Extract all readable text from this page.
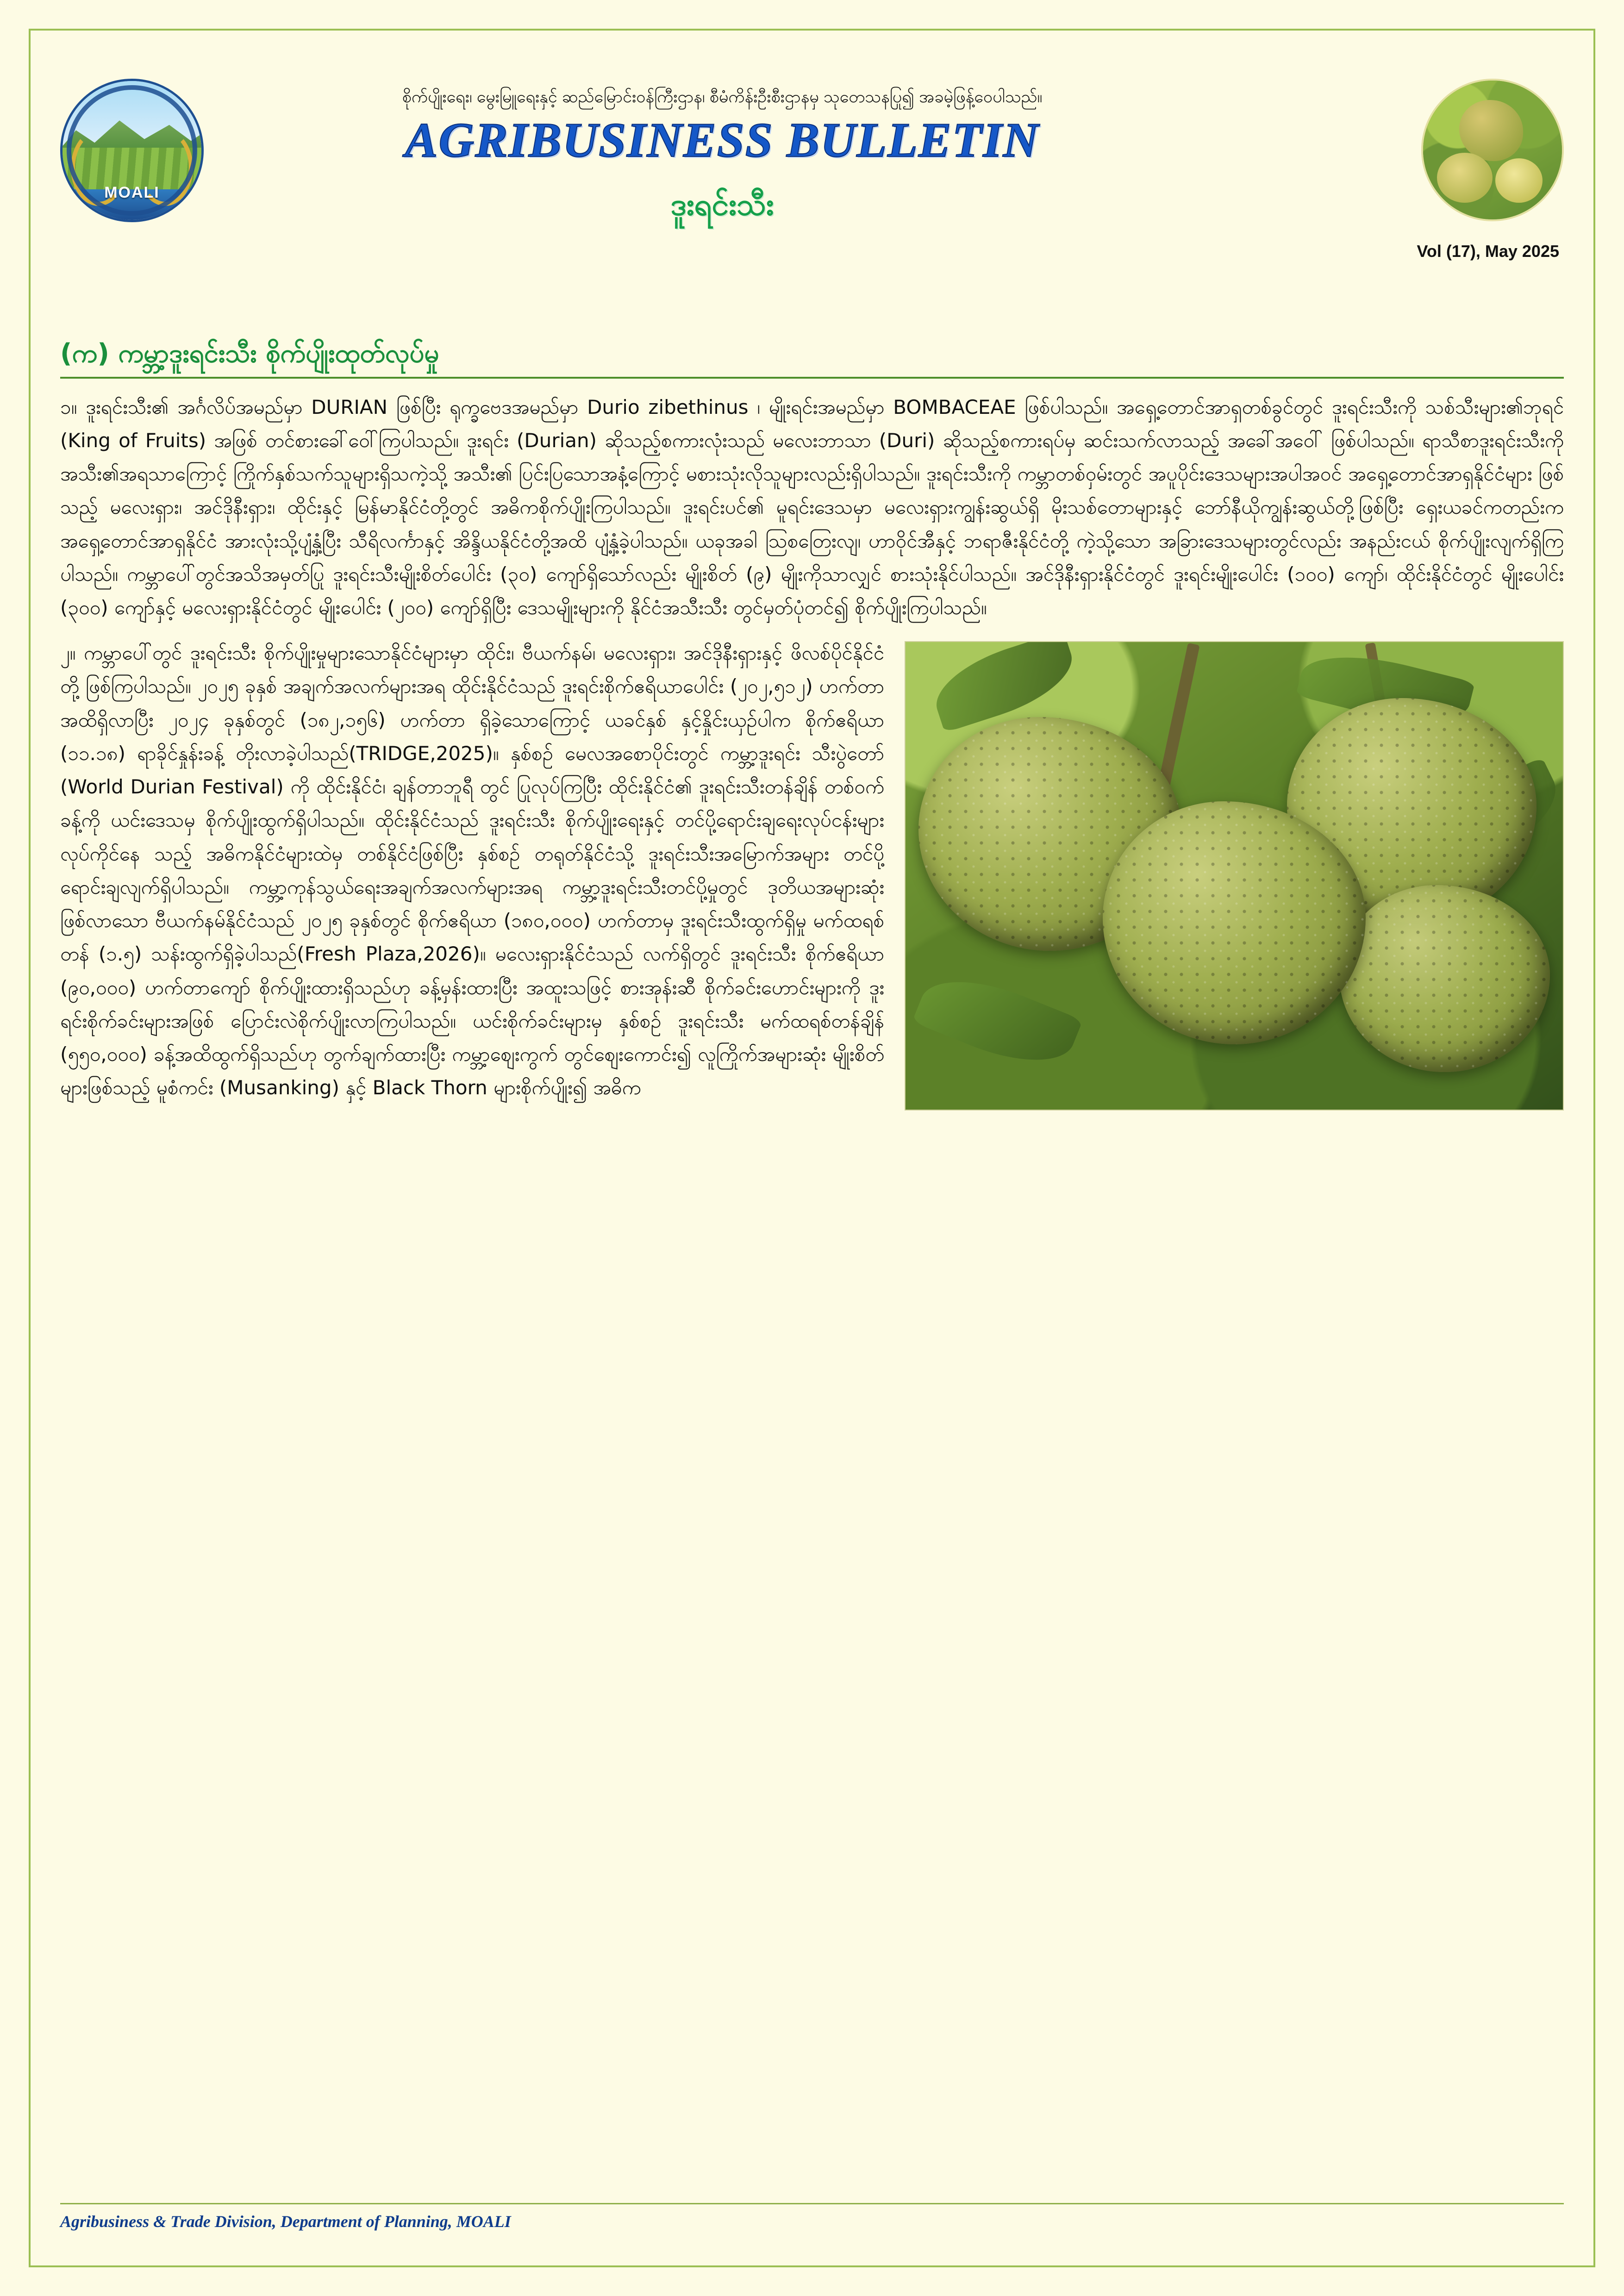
MOALI
စိုက်ပျိုးရေး၊ မွေးမြူရေးနှင့် ဆည်မြောင်းဝန်ကြီးဌာန၊ စီမံကိန်းဦးစီးဌာနမှ သုတေသနပြု၍ အခမဲ့ဖြန့်ဝေပါသည်။
AGRIBUSINESS BULLETIN
ဒူးရင်းသီး
Vol (17), May 2025
(က) ကမ္ဘာ့ဒူးရင်းသီး စိုက်ပျိုးထုတ်လုပ်မှု

၁။ ဒူးရင်းသီး၏ အင်္ဂလိပ်အမည်မှာ DURIAN ဖြစ်ပြီး ရုက္ခဗေဒအမည်မှာ Durio zibethinus ၊ မျိုးရင်းအမည်မှာ BOMBACEAE ဖြစ်ပါသည်။ အရှေ့တောင်အာရှတစ်ခွင်တွင် ဒူးရင်းသီးကို သစ်သီးများ၏ဘုရင် (King of Fruits) အဖြစ် တင်စားခေါ်ဝေါ်ကြပါသည်။ ဒူးရင်း (Durian) ဆိုသည့်စကားလုံးသည် မလေးဘာသာ (Duri) ဆိုသည့်စကားရပ်မှ ဆင်းသက်လာသည့် အခေါ်အဝေါ် ဖြစ်ပါသည်။ ရာသီစာဒူးရင်းသီးကို အသီး၏အရသာကြောင့် ကြိုက်နှစ်သက်သူများရှိသကဲ့သို့ အသီး၏ ပြင်းပြသောအနံ့ကြောင့် မစားသုံးလိုသူများလည်းရှိပါသည်။ ဒူးရင်းသီးကို ကမ္ဘာတစ်ဝှမ်းတွင် အပူပိုင်းဒေသများအပါအဝင် အရှေ့တောင်အာရှနိုင်ငံများ ဖြစ်သည့် မလေးရှား၊ အင်ဒိုနီးရှား၊ ထိုင်းနှင့် မြန်မာနိုင်ငံတို့တွင် အဓိကစိုက်ပျိုးကြပါသည်။ ဒူးရင်းပင်၏ မူရင်းဒေသမှာ မလေးရှားကျွန်းဆွယ်ရှိ မိုးသစ်တောများနှင့် ဘော်နီယိုကျွန်းဆွယ်တို့ဖြစ်ပြီး ရှေးယခင်ကတည်းက အရှေ့တောင်အာရှနိုင်ငံ အားလုံးသို့ပျံ့နှံ့ပြီး သီရိလင်္ကာနှင့် အိန္ဒိယနိုင်ငံတို့အထိ ပျံ့နှံ့ခဲ့ပါသည်။ ယခုအခါ သြစတြေးလျ၊ ဟာဝိုင်အီနှင့် ဘရာဇီးနိုင်ငံတို့ ကဲ့သို့သော အခြားဒေသများတွင်လည်း အနည်းငယ် စိုက်ပျိုးလျက်ရှိကြပါသည်။ ကမ္ဘာပေါ်တွင်အသိအမှတ်ပြု ဒူးရင်းသီးမျိုးစိတ်ပေါင်း (၃၀) ကျော်ရှိသော်လည်း မျိုးစိတ် (၉) မျိုးကိုသာလျှင် စားသုံးနိုင်ပါသည်။ အင်ဒိုနီးရှားနိုင်ငံတွင် ဒူးရင်းမျိုးပေါင်း (၁၀၀) ကျော်၊ ထိုင်းနိုင်ငံတွင် မျိုးပေါင်း (၃၀၀) ကျော်နှင့် မလေးရှားနိုင်ငံတွင် မျိုးပေါင်း (၂၀၀) ကျော်ရှိပြီး ဒေသမျိုးများကို နိုင်ငံအသီးသီး တွင်မှတ်ပုံတင်၍ စိုက်ပျိုးကြပါသည်။

၂။ ကမ္ဘာပေါ်တွင် ဒူးရင်းသီး စိုက်ပျိုးမှုများသောနိုင်ငံများမှာ ထိုင်း၊ ဗီယက်နမ်၊ မလေးရှား၊ အင်ဒိုနီးရှားနှင့် ဖိလစ်ပိုင်နိုင်ငံတို့ ဖြစ်ကြပါသည်။ ၂၀၂၅ ခုနှစ် အချက်အလက်များအရ ထိုင်းနိုင်ငံသည် ဒူးရင်းစိုက်ဧရိယာပေါင်း (၂၀၂,၅၁၂) ဟက်တာ အထိရှိလာပြီး ၂၀၂၄ ခုနှစ်တွင် (၁၈၂,၁၅၆) ဟက်တာ ရှိခဲ့သောကြောင့် ယခင်နှစ် နှင့်နှိုင်းယှဉ်ပါက စိုက်ဧရိယာ (၁၁.၁၈) ရာခိုင်နှုန်းခန့် တိုးလာခဲ့ပါသည်(TRIDGE,2025)။ နှစ်စဉ် မေလအစောပိုင်းတွင် ကမ္ဘာ့ဒူးရင်း သီးပွဲတော် (World Durian Festival) ကို ထိုင်းနိုင်ငံ၊ ချန်တာဘူရီ တွင် ပြုလုပ်ကြပြီး ထိုင်းနိုင်ငံ၏ ဒူးရင်းသီးတန်ချိန် တစ်ဝက်ခန့်ကို ယင်းဒေသမှ စိုက်ပျိုးထွက်ရှိပါသည်။ ထိုင်းနိုင်ငံသည် ဒူးရင်းသီး စိုက်ပျိုးရေးနှင့် တင်ပို့ရောင်းချရေးလုပ်ငန်းများ လုပ်ကိုင်နေ သည့် အဓိကနိုင်ငံများထဲမှ တစ်နိုင်ငံဖြစ်ပြီး နှစ်စဉ် တရုတ်နိုင်ငံသို့ ဒူးရင်းသီးအမြောက်အများ တင်ပို့ရောင်းချလျက်ရှိပါသည်။ ကမ္ဘာ့ကုန်သွယ်ရေးအချက်အလက်များအရ ကမ္ဘာ့ဒူးရင်းသီးတင်ပို့မှုတွင် ဒုတိယအများဆုံးဖြစ်လာသော ဗီယက်နမ်နိုင်ငံသည် ၂၀၂၅ ခုနှစ်တွင် စိုက်ဧရိယာ (၁၈၀,၀၀၀) ဟက်တာမှ ဒူးရင်းသီးထွက်ရှိမှု မက်ထရစ်တန် (၁.၅) သန်းထွက်ရှိခဲ့ပါသည်(Fresh Plaza,2026)။ မလေးရှားနိုင်ငံသည် လက်ရှိတွင် ဒူးရင်းသီး စိုက်ဧရိယာ (၉၀,၀၀၀) ဟက်တာကျော် စိုက်ပျိုးထားရှိသည်ဟု ခန့်မှန်းထားပြီး အထူးသဖြင့် စားအုန်းဆီ စိုက်ခင်းဟောင်းများကို ဒူးရင်းစိုက်ခင်းများအဖြစ် ပြောင်းလဲစိုက်ပျိုးလာကြပါသည်။ ယင်းစိုက်ခင်းများမှ နှစ်စဉ် ဒူးရင်းသီး မက်ထရစ်တန်ချိန် (၅၅၀,၀၀၀) ခန့်အထိထွက်ရှိသည်ဟု တွက်ချက်ထားပြီး ကမ္ဘာ့စျေးကွက် တွင်စျေးကောင်း၍ လူကြိုက်အများဆုံး မျိုးစိတ်များဖြစ်သည့် မူစံကင်း (Musanking) နှင့် Black Thorn များစိုက်ပျိုး၍ အဓိက

Agribusiness & Trade Division, Department of Planning, MOALI
